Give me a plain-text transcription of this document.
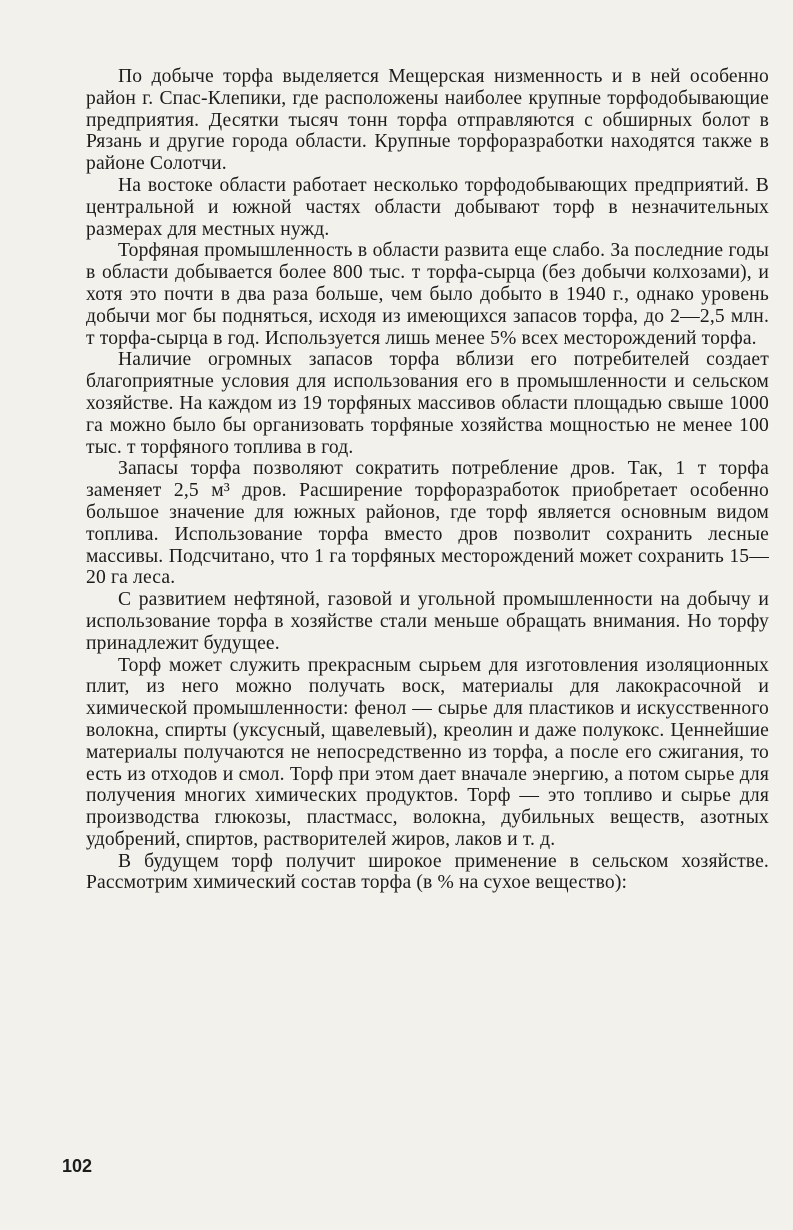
По добыче торфа выделяется Мещерская низменность и в ней особенно район г. Спас-Клепики, где расположены наиболее крупные торфодобывающие предприятия. Десятки тысяч тонн торфа отправляются с обширных болот в Рязань и другие города области. Крупные торфоразработки находятся также в районе Солотчи.

На востоке области работает несколько торфодобывающих предприятий. В центральной и южной частях области добывают торф в незначительных размерах для местных нужд.

Торфяная промышленность в области развита еще слабо. За последние годы в области добывается более 800 тыс. т торфа-сырца (без добычи колхозами), и хотя это почти в два раза больше, чем было добыто в 1940 г., однако уровень добычи мог бы подняться, исходя из имеющихся запасов торфа, до 2—2,5 млн. т торфа-сырца в год. Используется лишь менее 5% всех месторождений торфа.

Наличие огромных запасов торфа вблизи его потребителей создает благоприятные условия для использования его в промышленности и сельском хозяйстве. На каждом из 19 торфяных массивов области площадью свыше 1000 га можно было бы организовать торфяные хозяйства мощностью не менее 100 тыс. т торфяного топлива в год.

Запасы торфа позволяют сократить потребление дров. Так, 1 т торфа заменяет 2,5 м³ дров. Расширение торфоразработок приобретает особенно большое значение для южных районов, где торф является основным видом топлива. Использование торфа вместо дров позволит сохранить лесные массивы. Подсчитано, что 1 га торфяных месторождений может сохранить 15—20 га леса.

С развитием нефтяной, газовой и угольной промышленности на добычу и использование торфа в хозяйстве стали меньше обращать внимания. Но торфу принадлежит будущее.

Торф может служить прекрасным сырьем для изготовления изоляционных плит, из него можно получать воск, материалы для лакокрасочной и химической промышленности: фенол — сырье для пластиков и искусственного волокна, спирты (уксусный, щавелевый), креолин и даже полукокс. Ценнейшие материалы получаются не непосредственно из торфа, а после его сжигания, то есть из отходов и смол. Торф при этом дает вначале энергию, а потом сырье для получения многих химических продуктов. Торф — это топливо и сырье для производства глюкозы, пластмасс, волокна, дубильных веществ, азотных удобрений, спиртов, растворителей жиров, лаков и т. д.

В будущем торф получит широкое применение в сельском хозяйстве. Рассмотрим химический состав торфа (в % на сухое вещество):

102
